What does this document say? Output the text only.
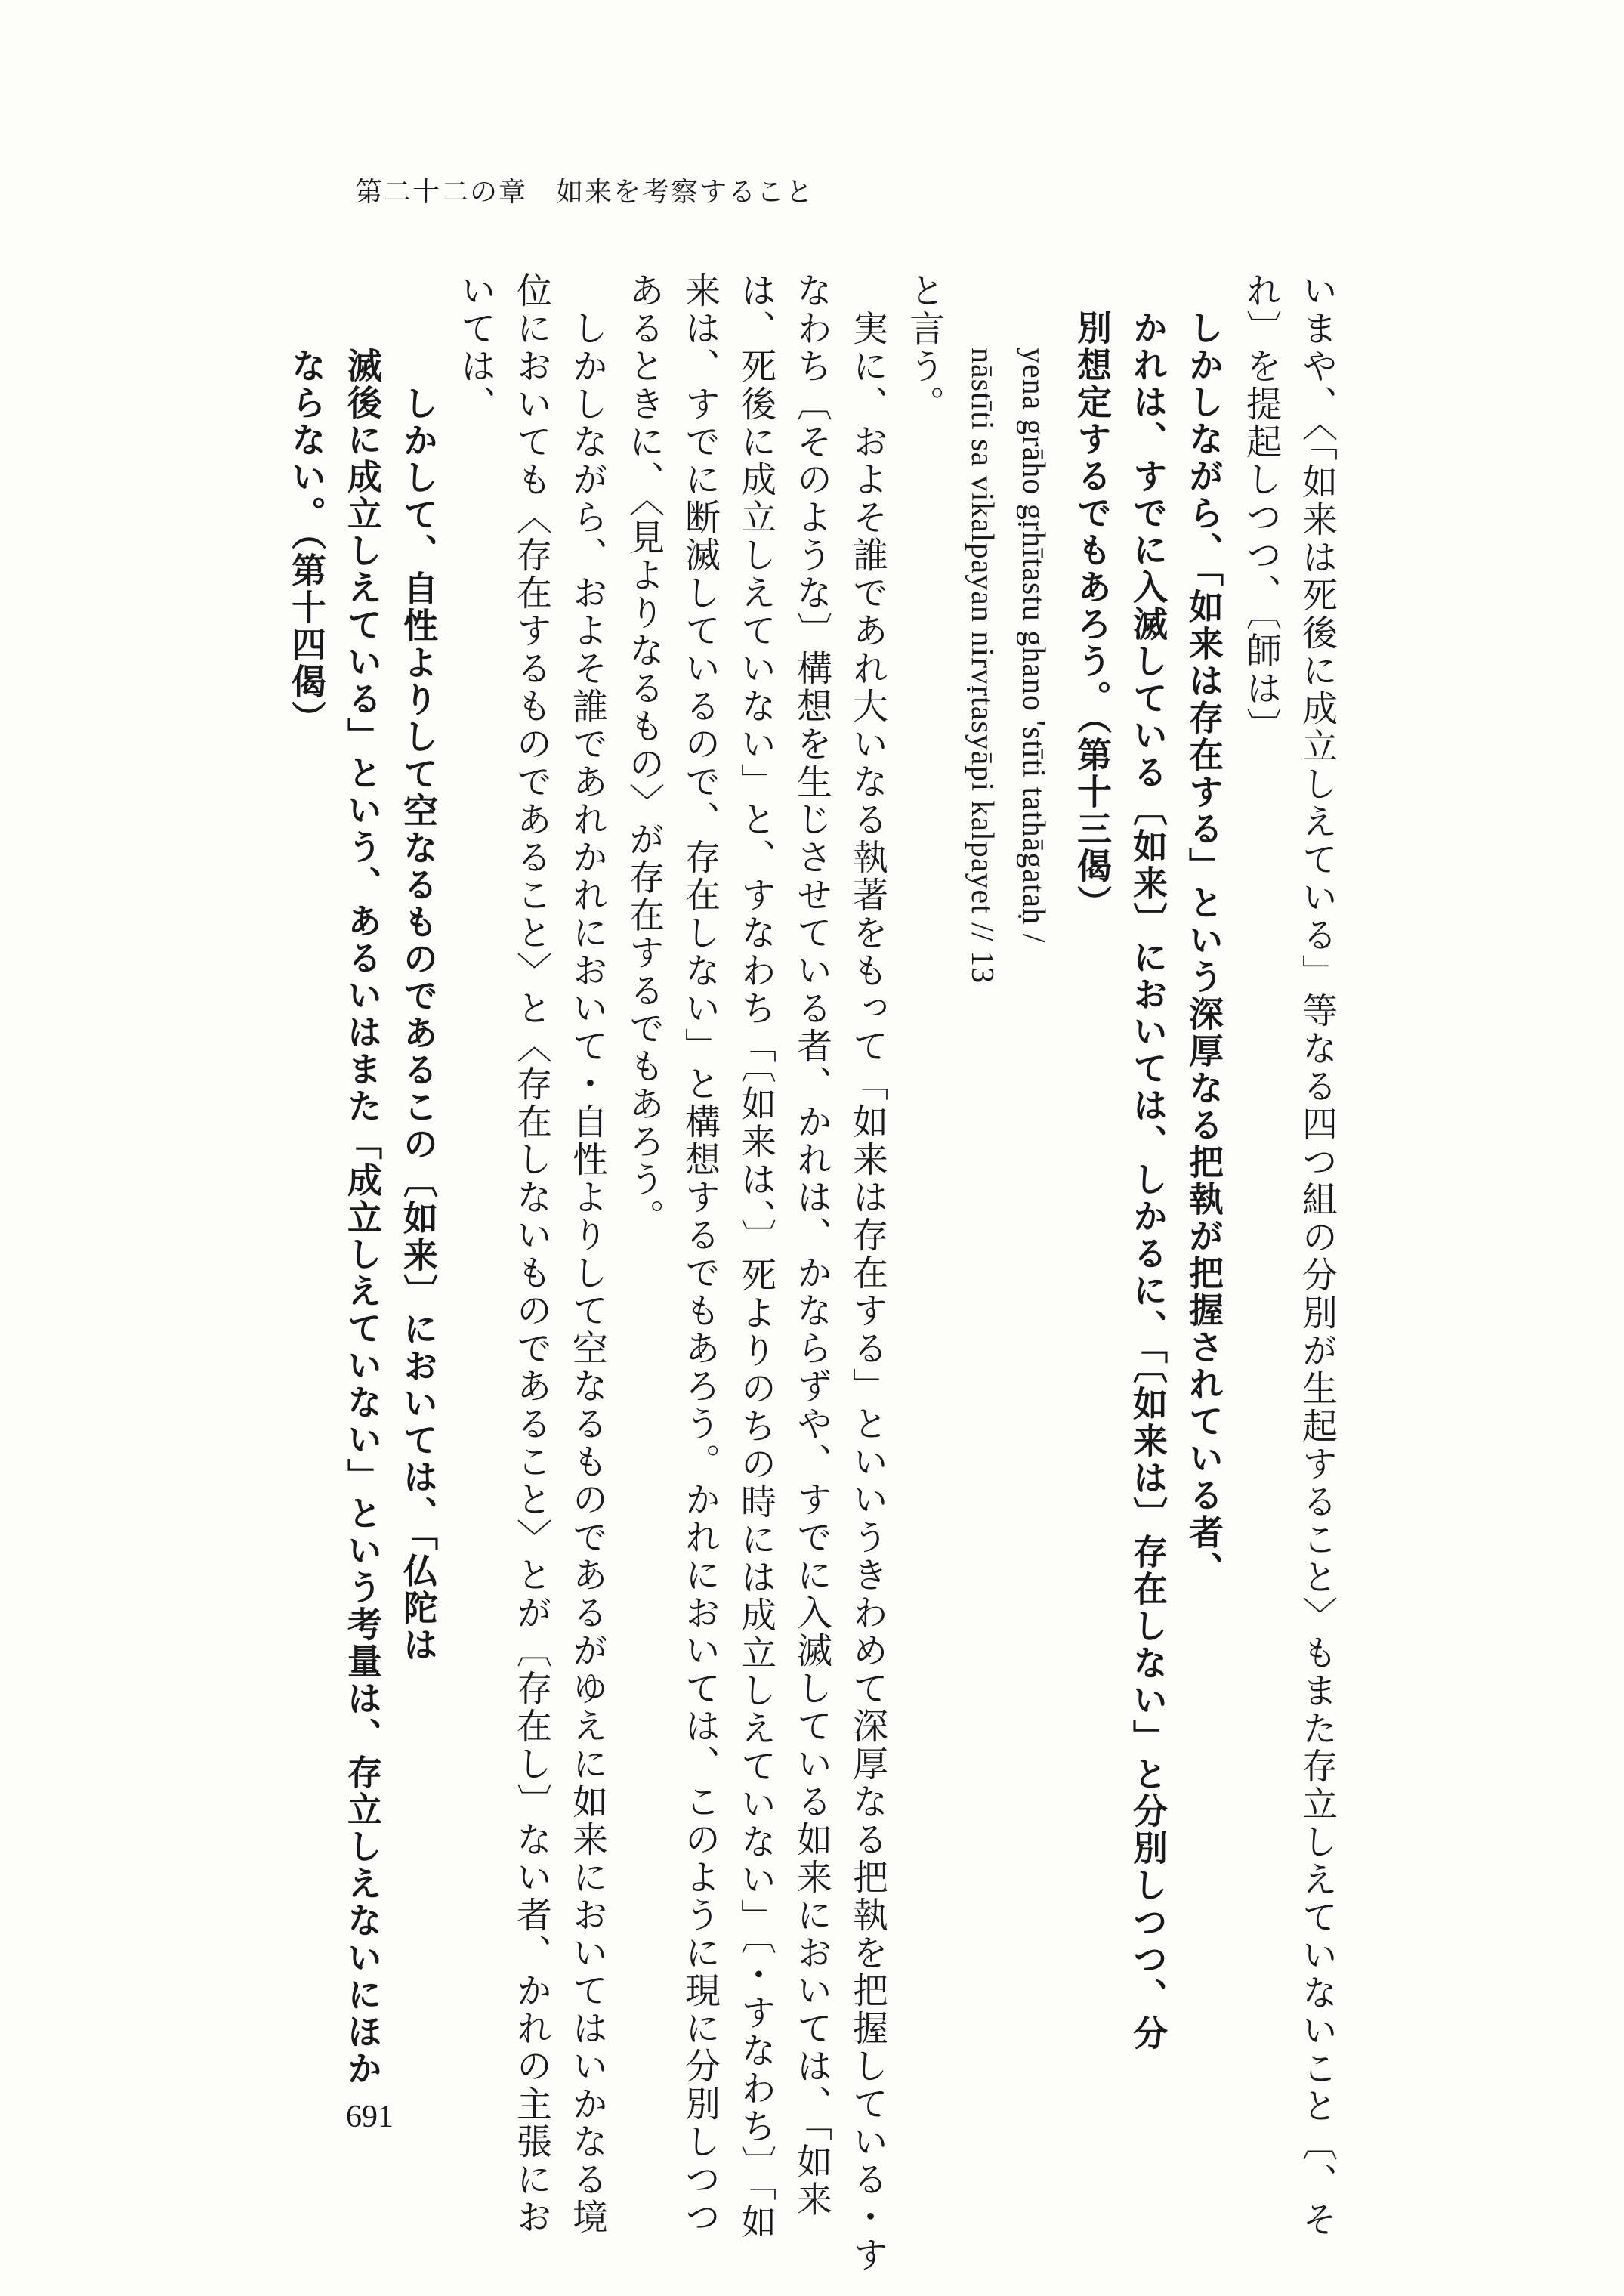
第二十二の章　如来を考察すること
いまや、〈「如来は死後に成立しえている」等なる四つ組の分別が生起すること〉もまた存立しえていないこと〔、そ
れ〕を提起しつつ、〔師は〕
しかしながら、「如来は存在する」という深厚なる把執が把握されている者、
かれは、すでに入滅している〔如来〕においては、しかるに、「〔如来は〕存在しない」と分別しつつ、分
別想定するでもあろう。（第十三偈）
yena grāho gṛhītastu ghano 'stīti tathāgataḥ /
nāstīti sa vikalpayan nirvṛtasyāpi kalpayet // 13
と言う。
実に、およそ誰であれ大いなる執著をもって「如来は存在する」といいうきわめて深厚なる把執を把握している・す
なわち〔そのような〕構想を生じさせている者、かれは、かならずや、すでに入滅している如来においては、「如来
は、死後に成立しえていない」と、すなわち「〔如来は、〕死よりのちの時には成立しえていない」〔・すなわち〕「如
来は、すでに断滅しているので、存在しない」と構想するでもあろう。かれにおいては、このように現に分別しつつ
あるときに、〈見よりなるもの〉が存在するでもあろう。
しかしながら、およそ誰であれかれにおいて・自性よりして空なるものであるがゆえに如来においてはいかなる境
位においても〈存在するものであること〉と〈存在しないものであること〉とが〔存在し〕ない者、かれの主張にお
いては、
しかして、自性よりして空なるものであるこの〔如来〕においては、「仏陀は
滅後に成立しえている」という、あるいはまた「成立しえていない」という考量は、存立しえないにほか
ならない。（第十四偈）
691
